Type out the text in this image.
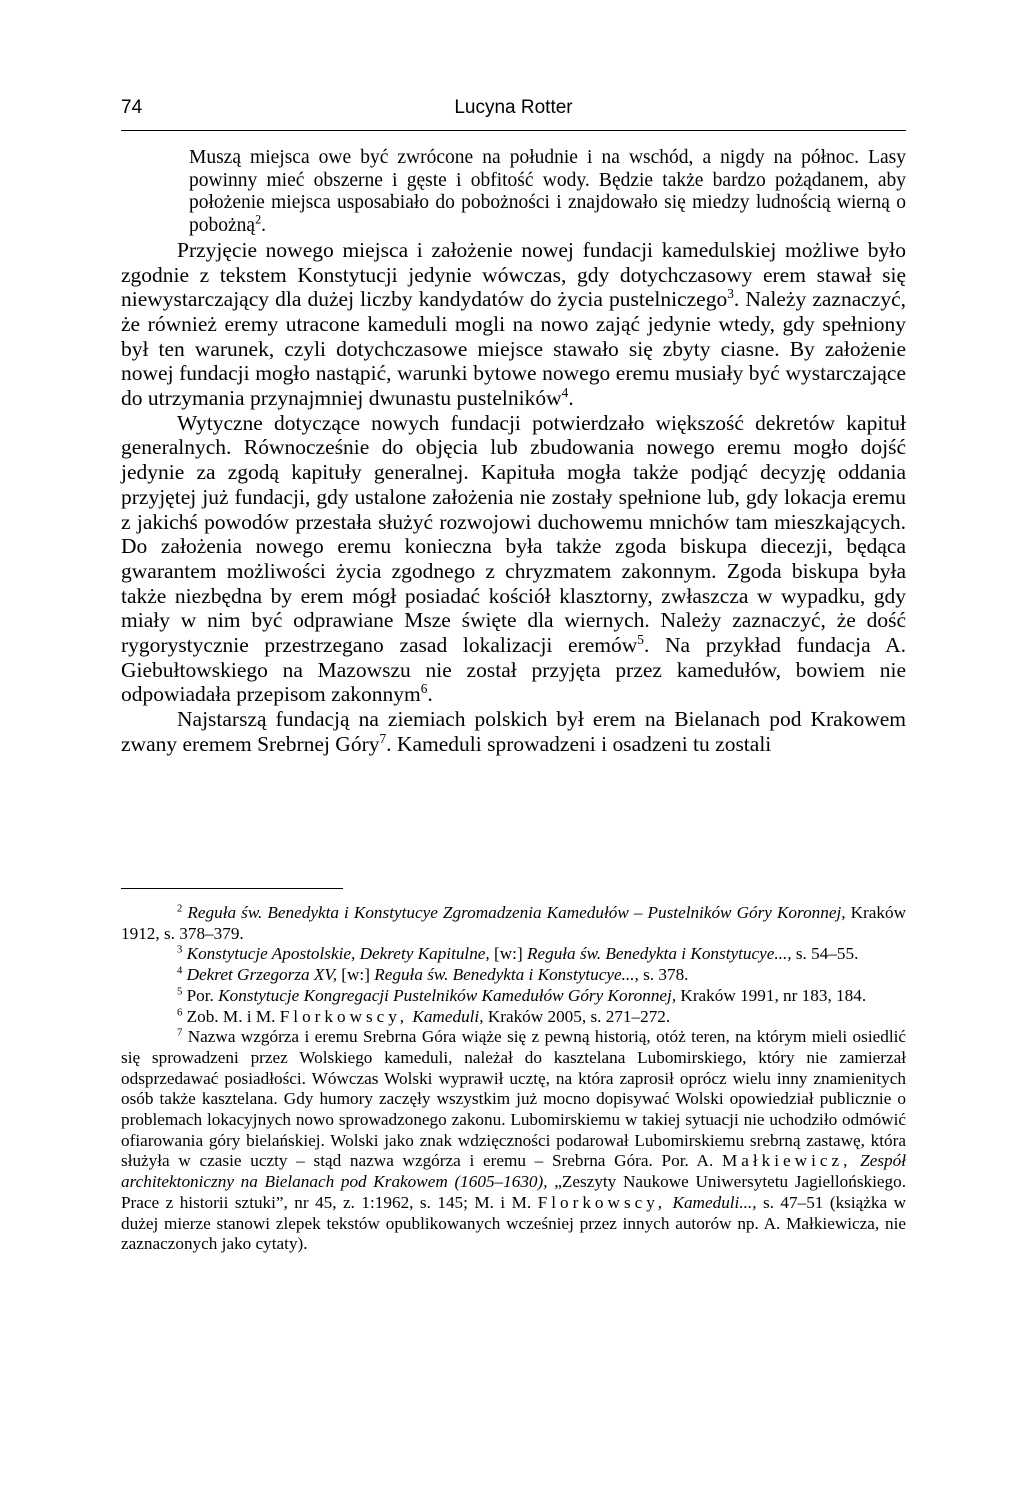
74	Lucyna Rotter

Muszą miejsca owe być zwrócone na południe i na wschód, a nigdy na północ. Lasy powinny mieć obszerne i gęste i obfitość wody. Będzie także bardzo pożądanem, aby położenie miejsca usposabiało do pobożności i znajdowało się miedzy ludnością wierną o pobożną$^2$.

Przyjęcie nowego miejsca i założenie nowej fundacji kamedulskiej możliwe było zgodnie z tekstem Konstytucji jedynie wówczas, gdy dotychczasowy erem stawał się niewystarczający dla dużej liczby kandydatów do życia pustelniczego$^3$. Należy zaznaczyć, że również eremy utracone kameduli mogli na nowo zająć jedynie wtedy, gdy spełniony był ten warunek, czyli dotychczasowe miejsce stawało się zbyty ciasne. By założenie nowej fundacji mogło nastąpić, warunki bytowe nowego eremu musiały być wystarczające do utrzymania przynajmniej dwunastu pustelników$^4$.

Wytyczne dotyczące nowych fundacji potwierdzało większość dekretów kapituł generalnych. Równocześnie do objęcia lub zbudowania nowego eremu mogło dojść jedynie za zgodą kapituły generalnej. Kapituła mogła także podjąć decyzję oddania przyjętej już fundacji, gdy ustalone założenia nie zostały spełnione lub, gdy lokacja eremu z jakichś powodów przestała służyć rozwojowi duchowemu mnichów tam mieszkających. Do założenia nowego eremu konieczna była także zgoda biskupa diecezji, będąca gwarantem możliwości życia zgodnego z chryzmatem zakonnym. Zgoda biskupa była także niezbędna by erem mógł posiadać kościół klasztorny, zwłaszcza w wypadku, gdy miały w nim być odprawiane Msze święte dla wiernych. Należy zaznaczyć, że dość rygorystycznie przestrzegano zasad lokalizacji eremów$^5$. Na przykład fundacja A. Giebułtowskiego na Mazowszu nie został przyjęta przez kamedułów, bowiem nie odpowiadała przepisom zakonnym$^6$.

Najstarszą fundacją na ziemiach polskich był erem na Bielanach pod Krakowem zwany eremem Srebrnej Góry$^7$. Kameduli sprowadzeni i osadzeni tu zostali

$^2$ Reguła św. Benedykta i Konstytucye Zgromadzenia Kamedułów – Pustelników Góry Koronnej, Kraków 1912, s. 378–379.

$^3$ Konstytucje Apostolskie, Dekrety Kapitulne, [w:] Reguła św. Benedykta i Konstytucye..., s. 54–55.

$^4$ Dekret Grzegorza XV, [w:] Reguła św. Benedykta i Konstytucye..., s. 378.

$^5$ Por. Konstytucje Kongregacji Pustelników Kamedułów Góry Koronnej, Kraków 1991, nr 183, 184.

$^6$ Zob. M. i M. Florkowscy, Kameduli, Kraków 2005, s. 271–272.

$^7$ Nazwa wzgórza i eremu Srebrna Góra wiąże się z pewną historią, otóż teren, na którym mieli osiedlić się sprowadzeni przez Wolskiego kameduli, należał do kasztelana Lubomirskiego, który nie zamierzał odsprzedawać posiadłości. Wówczas Wolski wyprawił ucztę, na która zaprosił oprócz wielu inny znamienitych osób także kasztelana. Gdy humory zaczęły wszystkim już mocno dopisywać Wolski opowiedział publicznie o problemach lokacyjnych nowo sprowadzonego zakonu. Lubomirskiemu w takiej sytuacji nie uchodziło odmówić ofiarowania góry bielańskiej. Wolski jako znak wdzięczności podarował Lubomirskiemu srebrną zastawę, która służyła w czasie uczty – stąd nazwa wzgórza i eremu – Srebrna Góra. Por. A. Małkiewicz, Zespół architektoniczny na Bielanach pod Krakowem (1605–1630), „Zeszyty Naukowe Uniwersytetu Jagiellońskiego. Prace z historii sztuki”, nr 45, z. 1:1962, s. 145; M. i M. Florkowscy, Kameduli..., s. 47–51 (książka w dużej mierze stanowi zlepek tekstów opublikowanych wcześniej przez innych autorów np. A. Małkiewicza, nie zaznaczonych jako cytaty).
